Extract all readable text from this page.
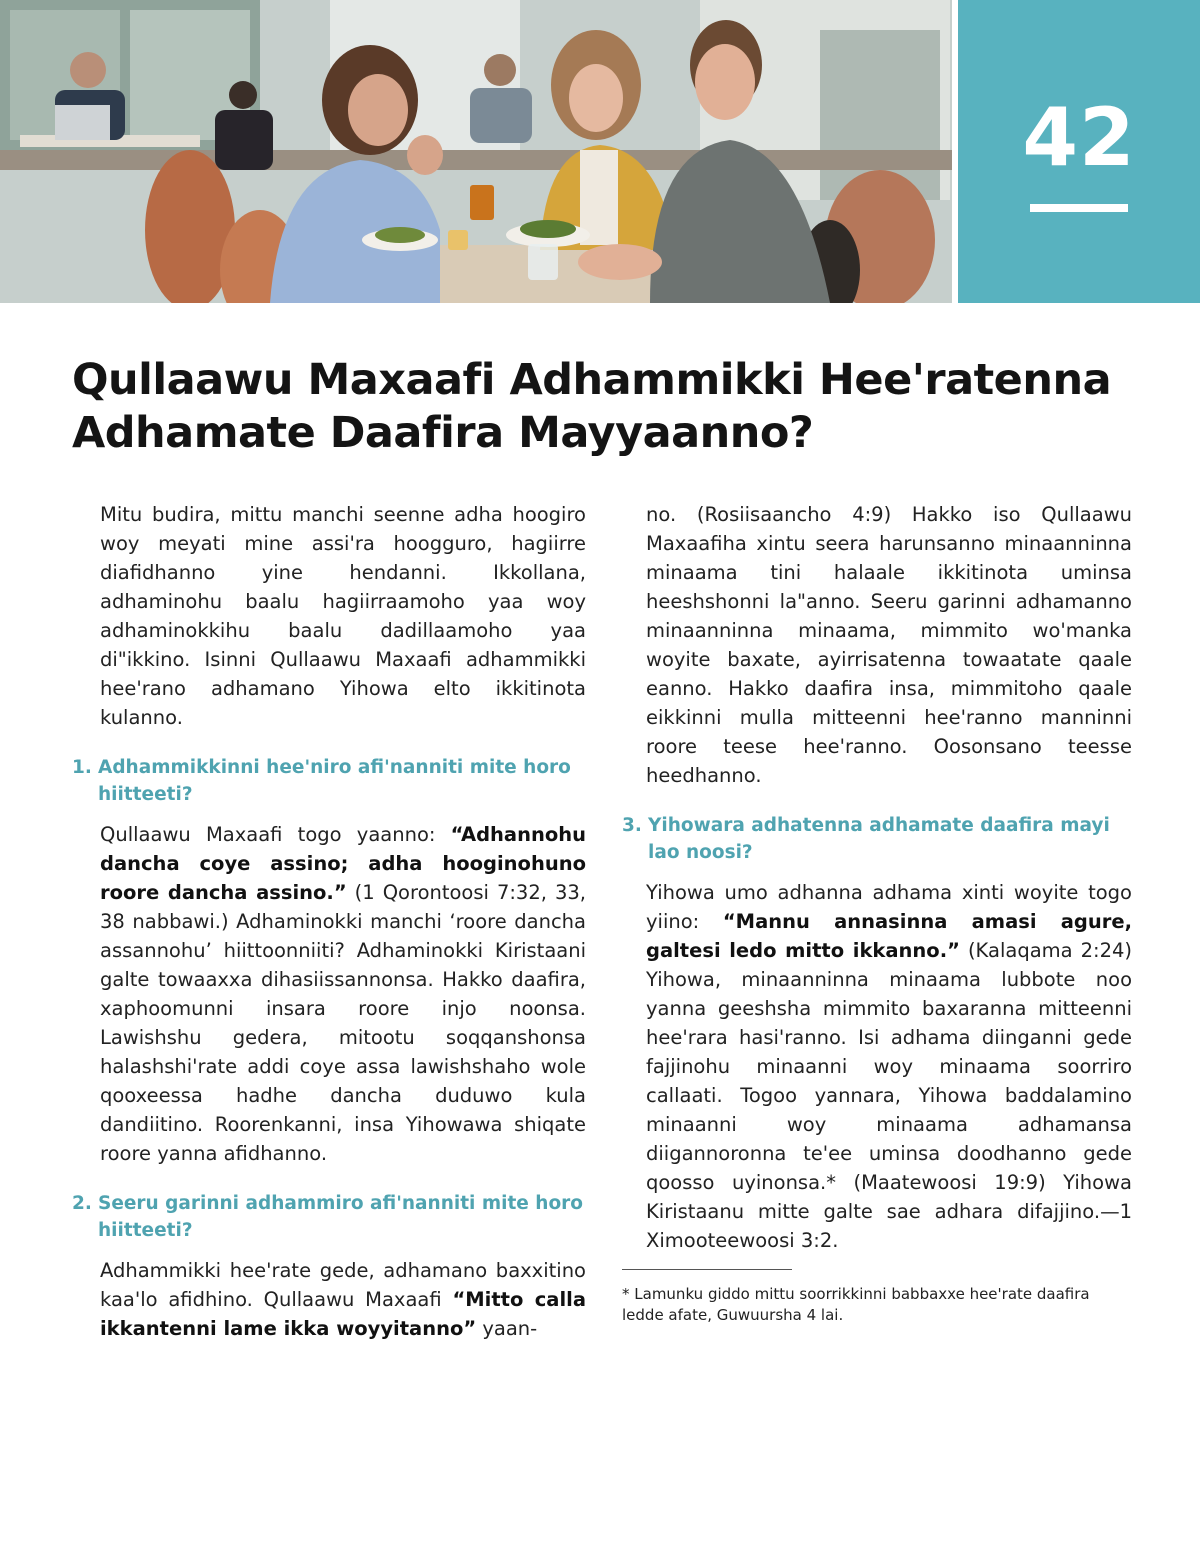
42
Qullaawu Maxaafi Adhammikki Hee'ratenna Adhamate Daafira Mayyaanno?

Mitu budira, mittu manchi seenne adha hoogiro woy meyati mine assi'ra hoogguro, hagiirre diafidhanno yine hendanni. Ikkollana, adhaminohu baalu hagiirraamoho yaa woy adhaminokkihu baalu dadillaamoho yaa di"ikkino. Isinni Qullaawu Maxaafi adhammikki hee'rano adhamano Yihowa elto ikkitinota kulanno.

1. Adhammikkinni hee'niro afi'nanniti mite horo hiitteeti?

Qullaawu Maxaafi togo yaanno: “Adhannohu dancha coye assino; adha hooginohuno roore dancha assino.” (1 Qorontoosi 7:32, 33, 38 nabbawi.) Adhaminokki manchi ‘roore dancha assannohu’ hiittoonniiti? Adhaminokki Kiristaani galte towaaxxa dihasiissannonsa. Hakko daafira, xaphoomunni insara roore injo noonsa. Lawishshu gedera, mitootu soqqanshonsa halashshi'rate addi coye assa lawishshaho wole qooxeessa hadhe dancha duduwo kula dandiitino. Roorenkanni, insa Yihowawa shiqate roore yanna afidhanno.

2. Seeru garinni adhammiro afi'nanniti mite horo hiitteeti?

Adhammikki hee'rate gede, adhamano baxxitino kaa'lo afidhino. Qullaawu Maxaafi “Mitto calla ikkantenni lame ikka woyyitanno” yaan-

no. (Rosiisaancho 4:9) Hakko iso Qullaawu Maxaafiha xintu seera harunsanno minaanninna minaama tini halaale ikkitinota uminsa heeshshonni la"anno. Seeru garinni adhamanno minaanninna minaama, mimmito wo'manka woyite baxate, ayirrisatenna towaatate qaale eanno. Hakko daafira insa, mimmitoho qaale eikkinni mulla mitteenni hee'ranno manninni roore teese hee'ranno. Oosonsano teesse heedhanno.

3. Yihowara adhatenna adhamate daafira mayi lao noosi?

Yihowa umo adhanna adhama xinti woyite togo yiino: “Mannu annasinna amasi agure, galtesi ledo mitto ikkanno.” (Kalaqama 2:24) Yihowa, minaanninna minaama lubbote noo yanna geeshsha mimmito baxaranna mitteenni hee'rara hasi'ranno. Isi adhama diinganni gede fajjinohu minaanni woy minaama soorriro callaati. Togoo yannara, Yihowa baddalamino minaanni woy minaama adhamansa diigannoronna te'ee uminsa doodhanno gede qoosso uyinonsa.* (Maatewoosi 19:9) Yihowa Kiristaanu mitte galte sae adhara difajjino.—1 Ximooteewoosi 3:2.

* Lamunku giddo mittu soorrikkinni babbaxxe hee'rate daafira ledde afate, Guwuursha 4 lai.
